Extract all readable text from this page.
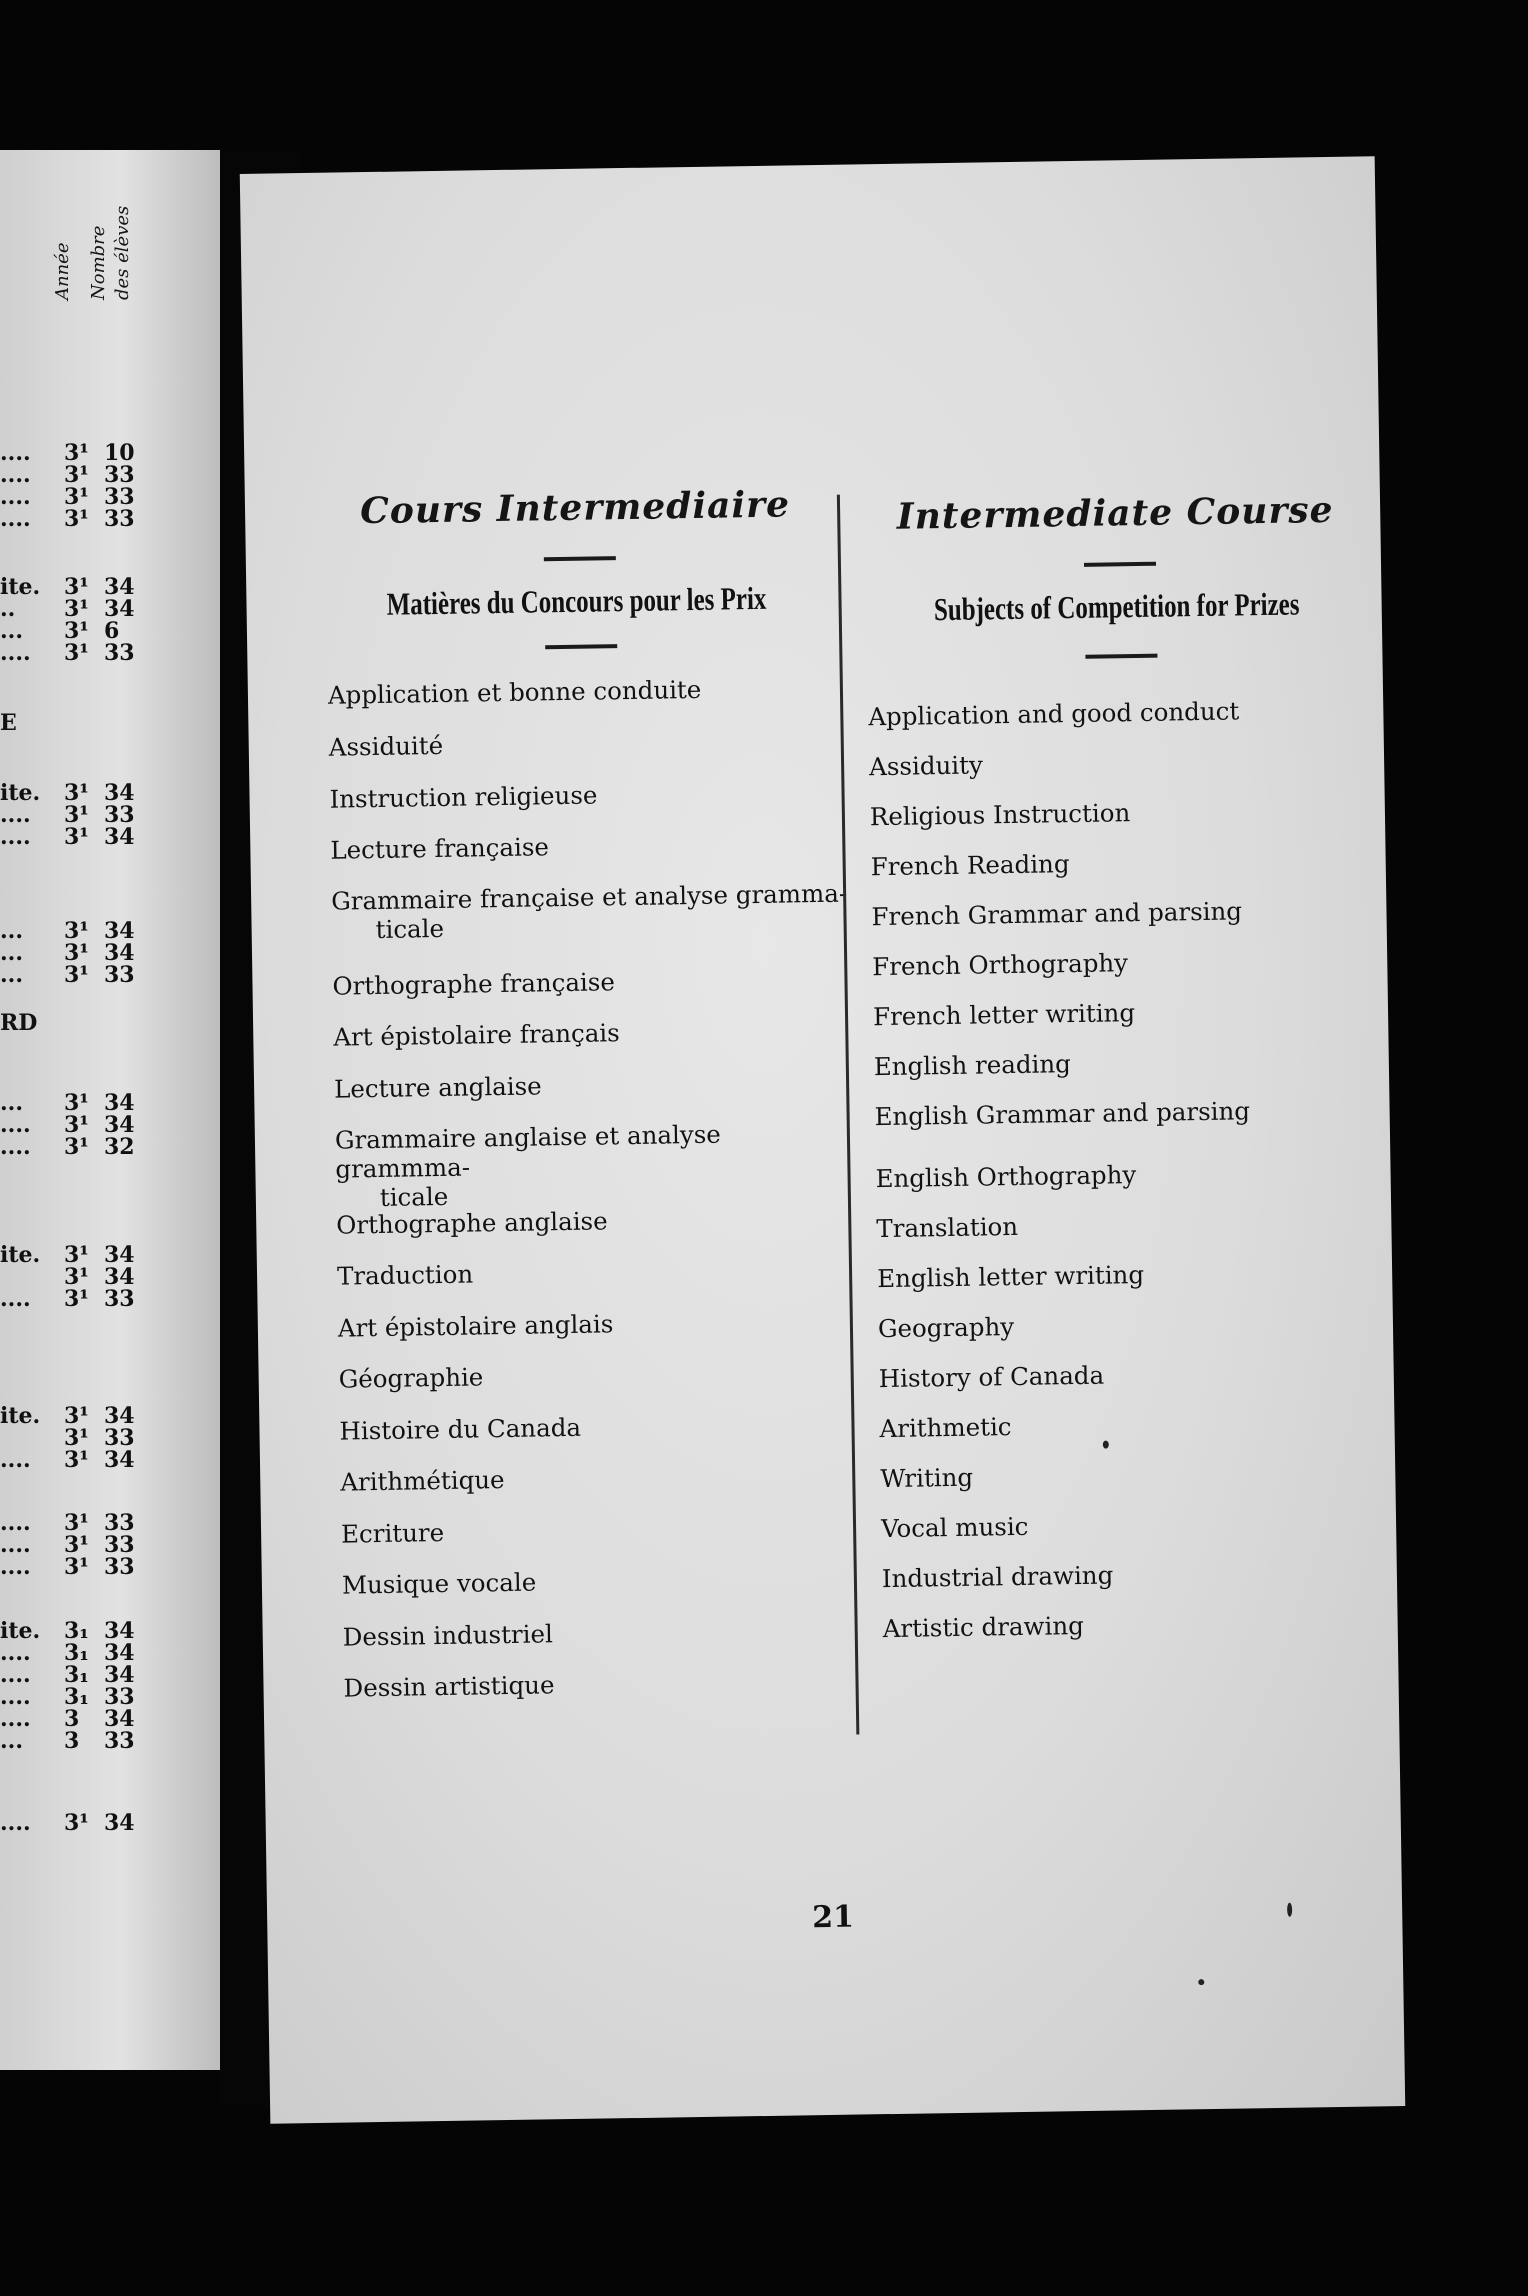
Année Nombre des élèves
.... 3¹ 10
.... 3¹ 33
.... 3¹ 33
.... 3¹ 33
ite. 3¹ 34
.. 3¹ 34
... 3¹ 6
.... 3¹ 33
ite. 3¹ 34
.... 3¹ 33
.... 3¹ 34
... 3¹ 34
... 3¹ 34
... 3¹ 33
... 3¹ 34
.... 3¹ 34
.... 3¹ 32
ite. 3¹ 34
3¹ 34
.... 3¹ 33
ite. 3¹ 34
3¹ 33
.... 3¹ 34
.... 3¹ 33
.... 3¹ 33
.... 3¹ 33
ite. 3₁ 34
.... 3₁ 34
.... 3₁ 34
.... 3₁ 33
.... 3 34
... 3 33
.... 3¹ 34
E
RD
Cours Intermediaire
Matières du Concours pour les Prix
Application et bonne conduite
Assiduité
Instruction religieuse
Lecture française
Grammaire française et analyse gramma-
ticale
Orthographe française
Art épistolaire français
Lecture anglaise
Grammaire anglaise et analyse grammma-
ticale
Orthographe anglaise
Traduction
Art épistolaire anglais
Géographie
Histoire du Canada
Arithmétique
Ecriture
Musique vocale
Dessin industriel
Dessin artistique
Intermediate Course
Subjects of Competition for Prizes
Application and good conduct
Assiduity
Religious Instruction
French Reading
French Grammar and parsing
French Orthography
French letter writing
English reading
English Grammar and parsing
English Orthography
Translation
English letter writing
Geography
History of Canada
Arithmetic
Writing
Vocal music
Industrial drawing
Artistic drawing
21
